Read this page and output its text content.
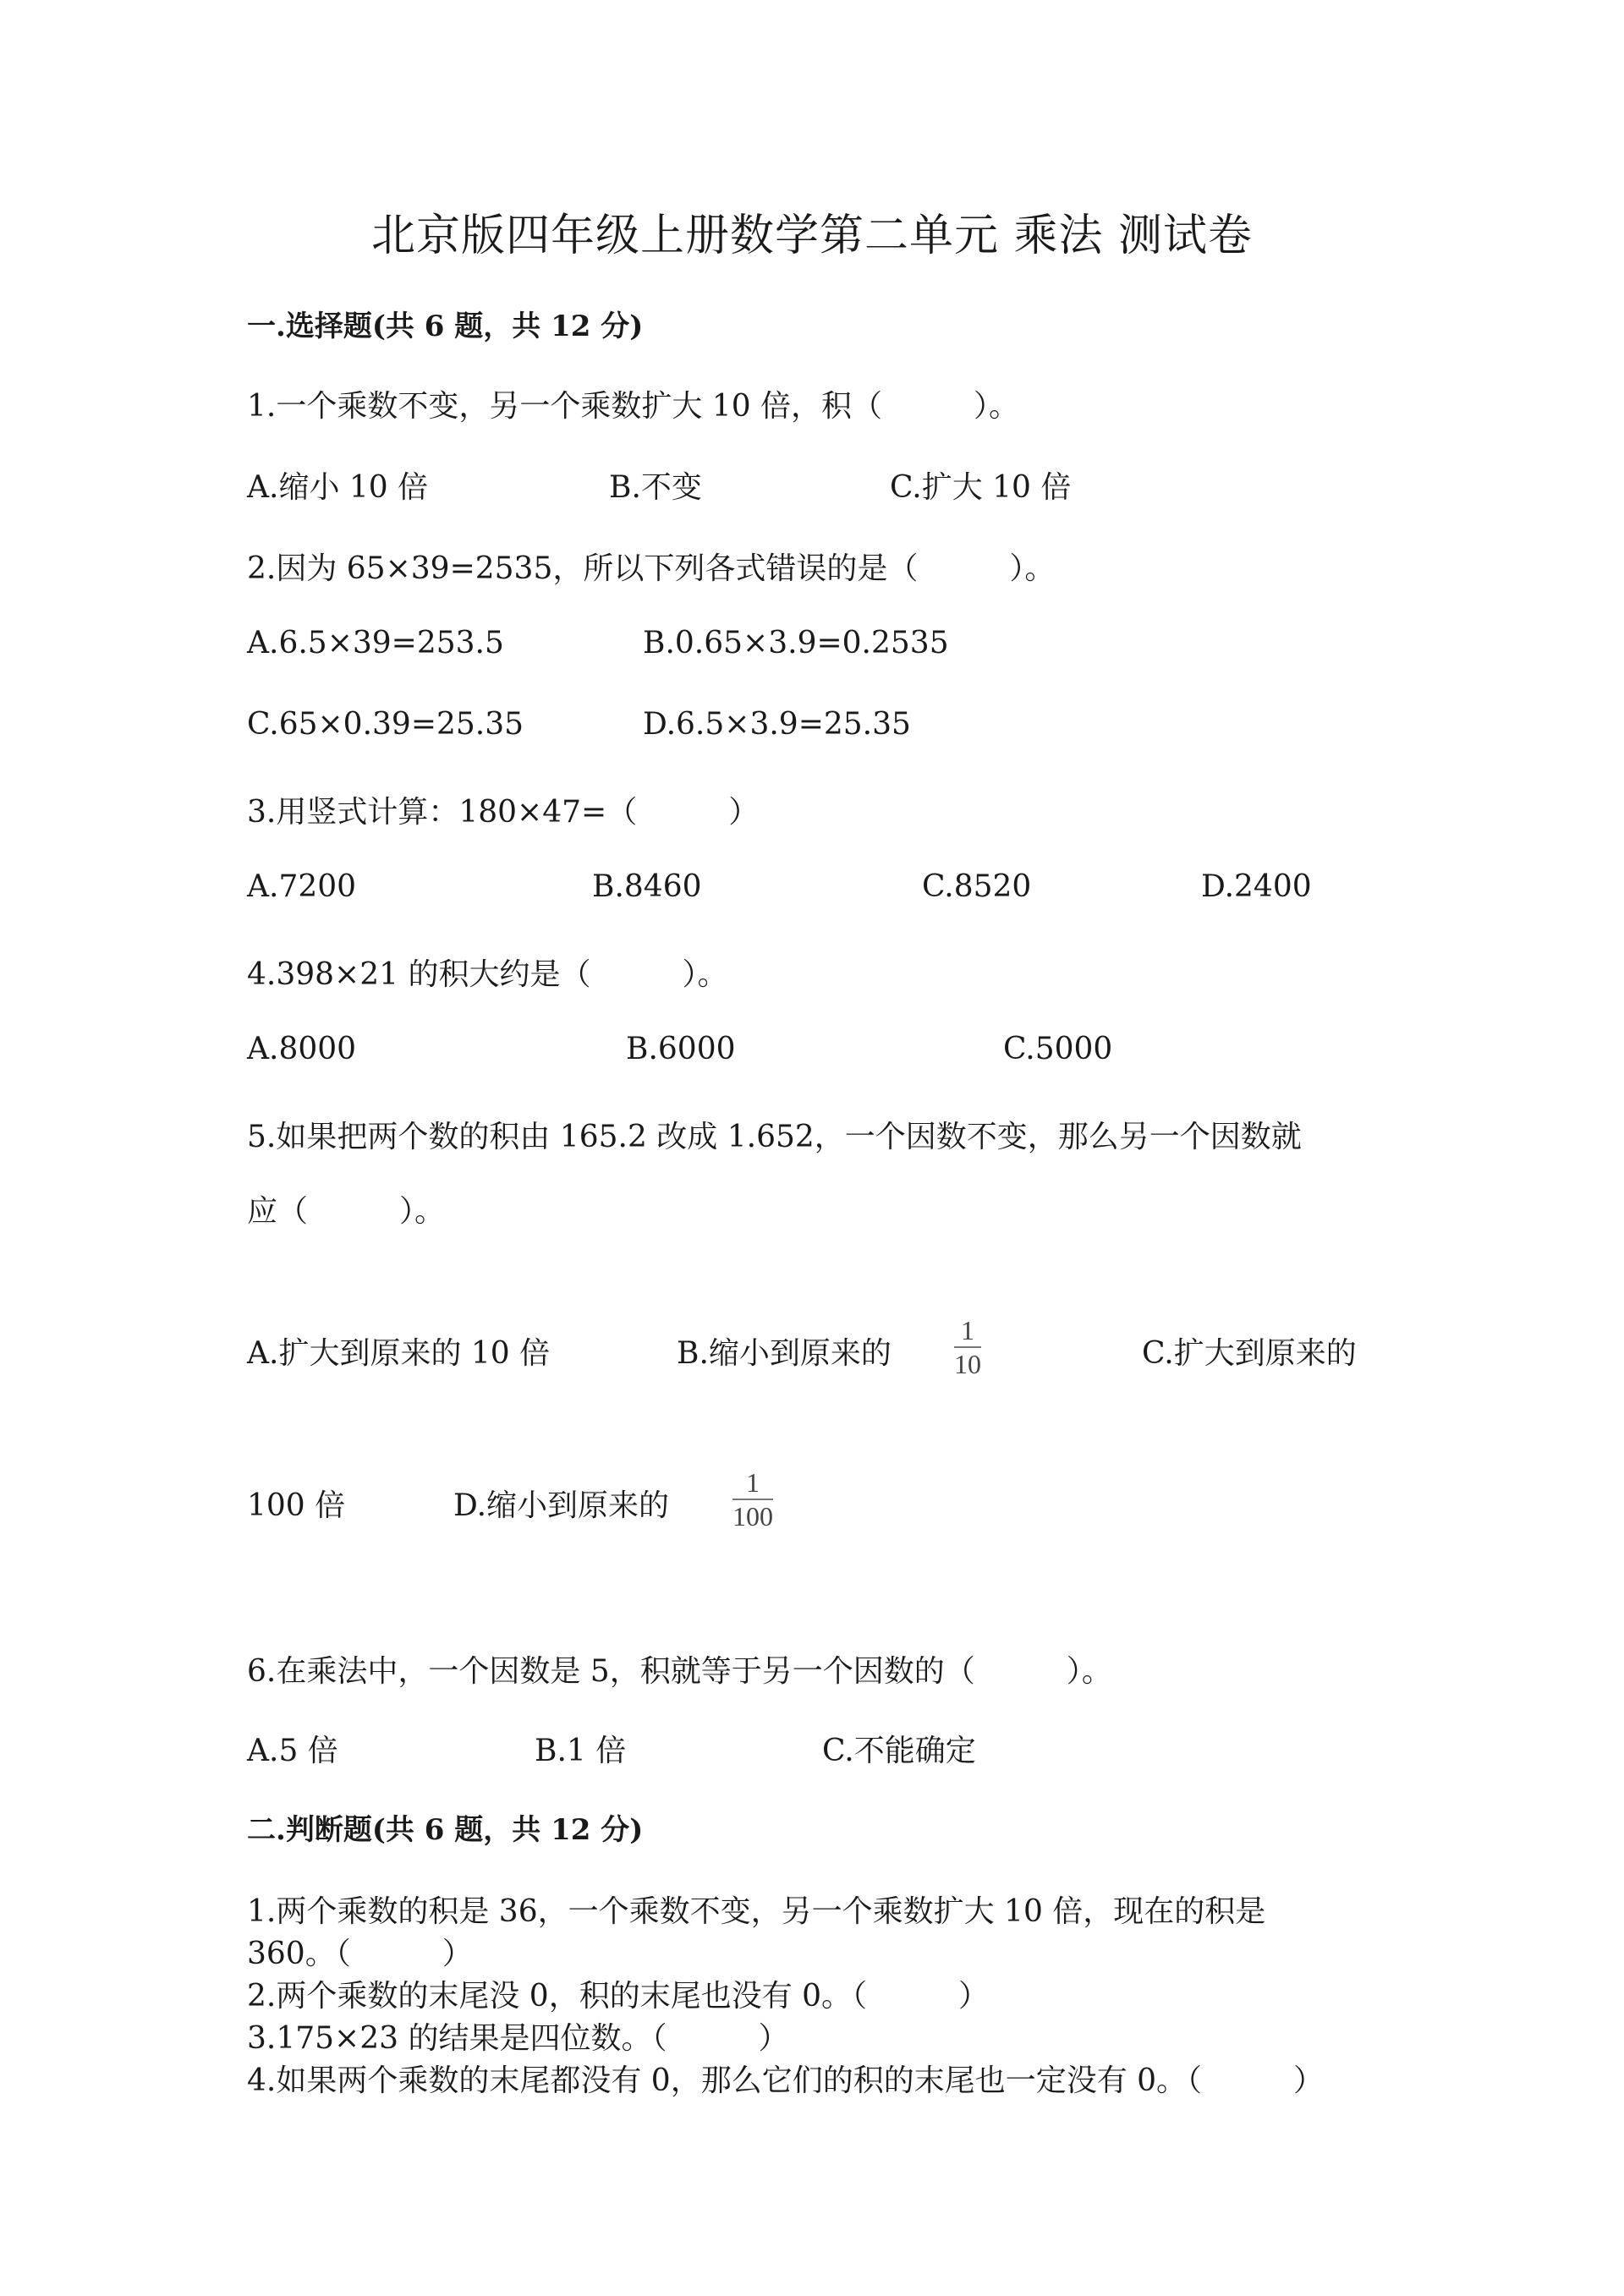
北京版四年级上册数学第二单元 乘法 测试卷
一.选择题(共 6 题，共 12 分)
1.一个乘数不变，另一个乘数扩大 10 倍，积（　　　）。
A.缩小 10 倍	B.不变	C.扩大 10 倍
2.因为 65×39=2535，所以下列各式错误的是（　　　）。
A.6.5×39=253.5	B.0.65×3.9=0.2535
C.65×0.39=25.35	D.6.5×3.9=25.35
3.用竖式计算：180×47=（　　　）
A.7200	B.8460	C.8520	D.2400
4.398×21 的积大约是（　　　）。
A.8000	B.6000	C.5000
5.如果把两个数的积由 165.2 改成 1.652，一个因数不变，那么另一个因数就
应（　　　）。
A.扩大到原来的 10 倍	B.缩小到原来的
1
10	C.扩大到原来的
100 倍	D.缩小到原来的
1
100
6.在乘法中，一个因数是 5，积就等于另一个因数的（　　　）。
A.5 倍	B.1 倍	C.不能确定
二.判断题(共 6 题，共 12 分)
1.两个乘数的积是 36，一个乘数不变，另一个乘数扩大 10 倍，现在的积是
360。（　　　）
2.两个乘数的末尾没 0，积的末尾也没有 0。（　　　）
3.175×23 的结果是四位数。（　　　）
4.如果两个乘数的末尾都没有 0，那么它们的积的末尾也一定没有 0。（　　　）
